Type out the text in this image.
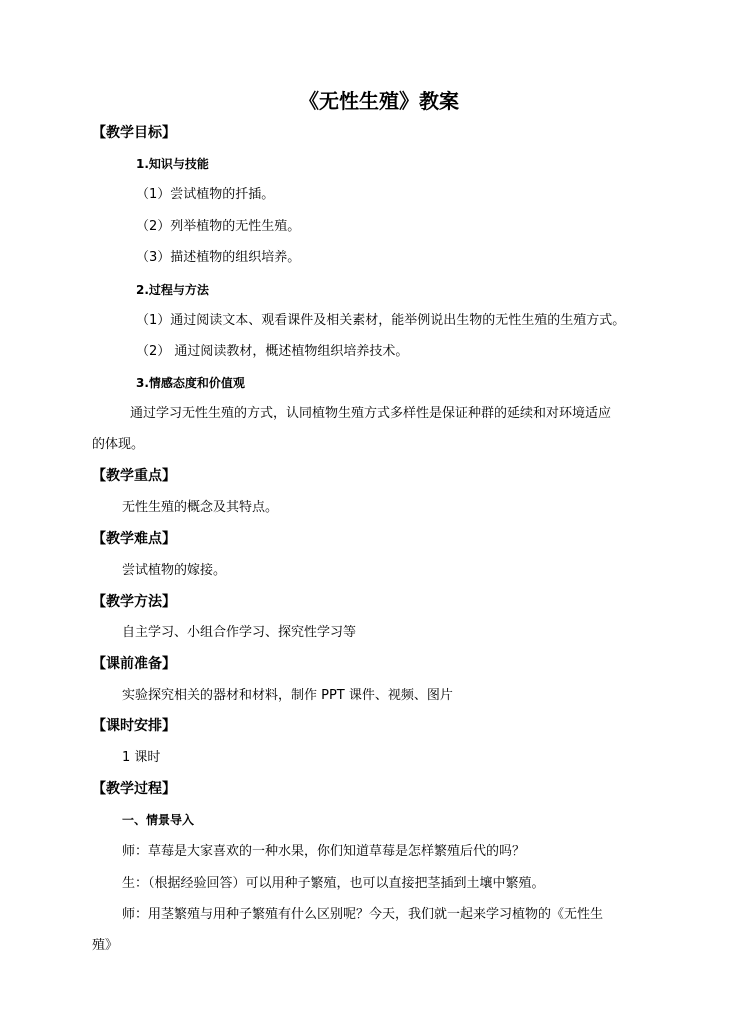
《无性生殖》教案
【教学目标】
1.知识与技能
（1）尝试植物的扦插。
（2）列举植物的无性生殖。
（3）描述植物的组织培养。
2.过程与方法
（1）通过阅读文本、观看课件及相关素材，能举例说出生物的无性生殖的生殖方式。
（2） 通过阅读教材，概述植物组织培养技术。
3.情感态度和价值观
通过学习无性生殖的方式，认同植物生殖方式多样性是保证种群的延续和对环境适应
的体现。
【教学重点】
无性生殖的概念及其特点。
【教学难点】
尝试植物的嫁接。
【教学方法】
自主学习、小组合作学习、探究性学习等
【课前准备】
实验探究相关的器材和材料，制作 PPT 课件、视频、图片
【课时安排】
1 课时
【教学过程】
一、情景导入
师：草莓是大家喜欢的一种水果，你们知道草莓是怎样繁殖后代的吗？
生：（根据经验回答）可以用种子繁殖，也可以直接把茎插到土壤中繁殖。
师：用茎繁殖与用种子繁殖有什么区别呢？今天，我们就一起来学习植物的《无性生
殖》
